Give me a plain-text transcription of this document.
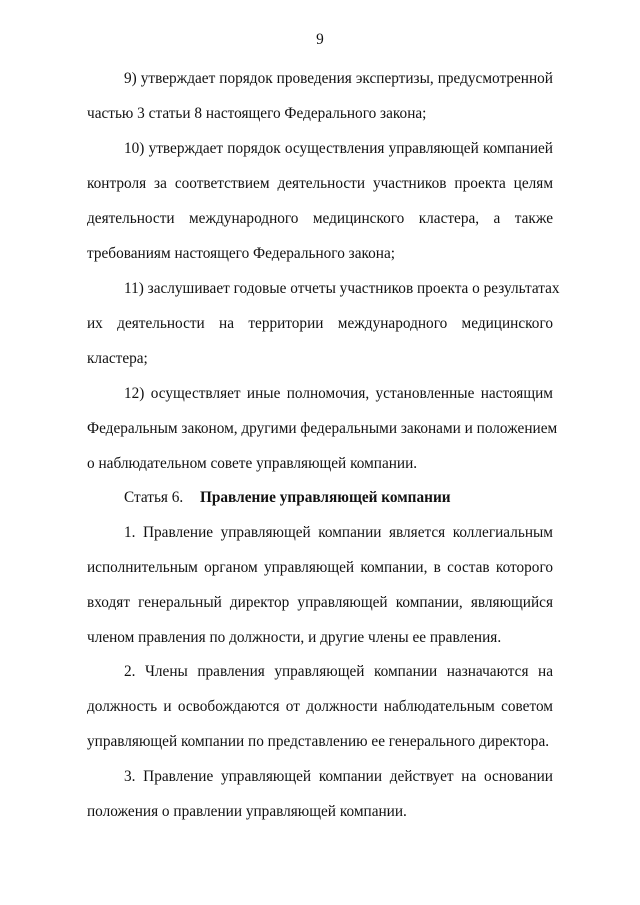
9
9) утверждает порядок проведения экспертизы, предусмотренной
частью 3 статьи 8 настоящего Федерального закона;
10) утверждает порядок осуществления управляющей компанией
контроля за соответствием деятельности участников проекта целям
деятельности международного медицинского кластера, а также
требованиям настоящего Федерального закона;
11) заслушивает годовые отчеты участников проекта о результатах
их деятельности на территории международного медицинского
кластера;
12) осуществляет иные полномочия, установленные настоящим
Федеральным законом, другими федеральными законами и положением
о наблюдательном совете управляющей компании.
Статья 6. Правление управляющей компании
1. Правление управляющей компании является коллегиальным
исполнительным органом управляющей компании, в состав которого
входят генеральный директор управляющей компании, являющийся
членом правления по должности, и другие члены ее правления.
2. Члены правления управляющей компании назначаются на
должность и освобождаются от должности наблюдательным советом
управляющей компании по представлению ее генерального директора.
3. Правление управляющей компании действует на основании
положения о правлении управляющей компании.
